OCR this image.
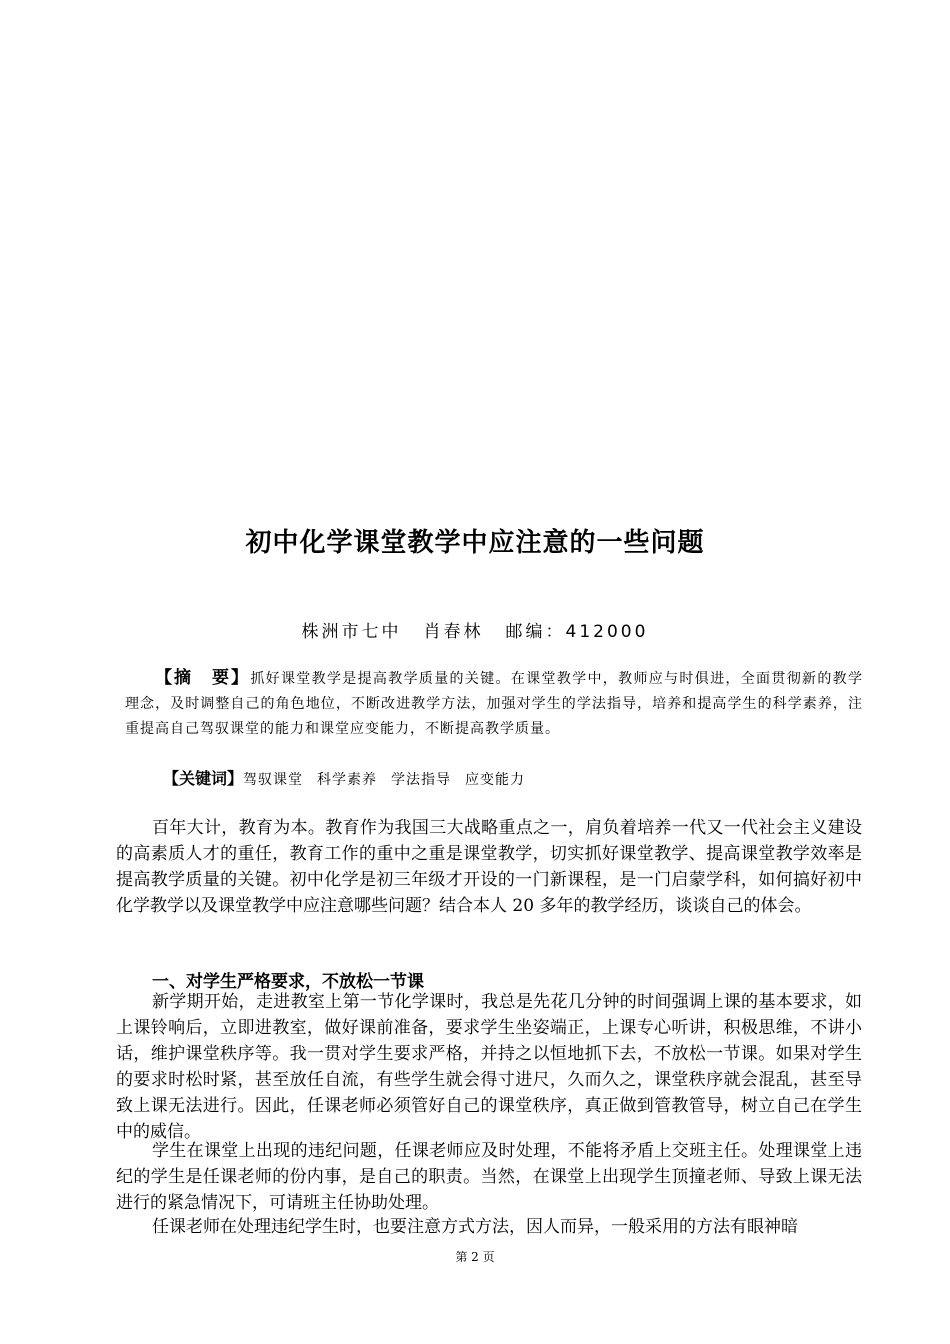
初中化学课堂教学中应注意的一些问题
株洲市七中 肖春林 邮编：412000
【摘　要】抓好课堂教学是提高教学质量的关键。在课堂教学中，教师应与时俱进，全面贯彻新的教学理念，及时调整自己的角色地位，不断改进教学方法，加强对学生的学法指导，培养和提高学生的科学素养，注重提高自己驾驭课堂的能力和课堂应变能力，不断提高教学质量。
【关键词】驾驭课堂 科学素养 学法指导 应变能力
百年大计，教育为本。教育作为我国三大战略重点之一，肩负着培养一代又一代社会主义建设的高素质人才的重任，教育工作的重中之重是课堂教学，切实抓好课堂教学、提高课堂教学效率是提高教学质量的关键。初中化学是初三年级才开设的一门新课程，是一门启蒙学科，如何搞好初中化学教学以及课堂教学中应注意哪些问题？结合本人 20 多年的教学经历，谈谈自己的体会。
一、对学生严格要求，不放松一节课
新学期开始，走进教室上第一节化学课时，我总是先花几分钟的时间强调上课的基本要求，如上课铃响后，立即进教室，做好课前准备，要求学生坐姿端正，上课专心听讲，积极思维，不讲小话，维护课堂秩序等。我一贯对学生要求严格，并持之以恒地抓下去，不放松一节课。如果对学生的要求时松时紧，甚至放任自流，有些学生就会得寸进尺，久而久之，课堂秩序就会混乱，甚至导致上课无法进行。因此，任课老师必须管好自己的课堂秩序，真正做到管教管导，树立自己在学生中的威信。
学生在课堂上出现的违纪问题，任课老师应及时处理，不能将矛盾上交班主任。处理课堂上违纪的学生是任课老师的份内事，是自己的职责。当然，在课堂上出现学生顶撞老师、导致上课无法进行的紧急情况下，可请班主任协助处理。
任课老师在处理违纪学生时，也要注意方式方法，因人而异，一般采用的方法有眼神暗
第 2 页
